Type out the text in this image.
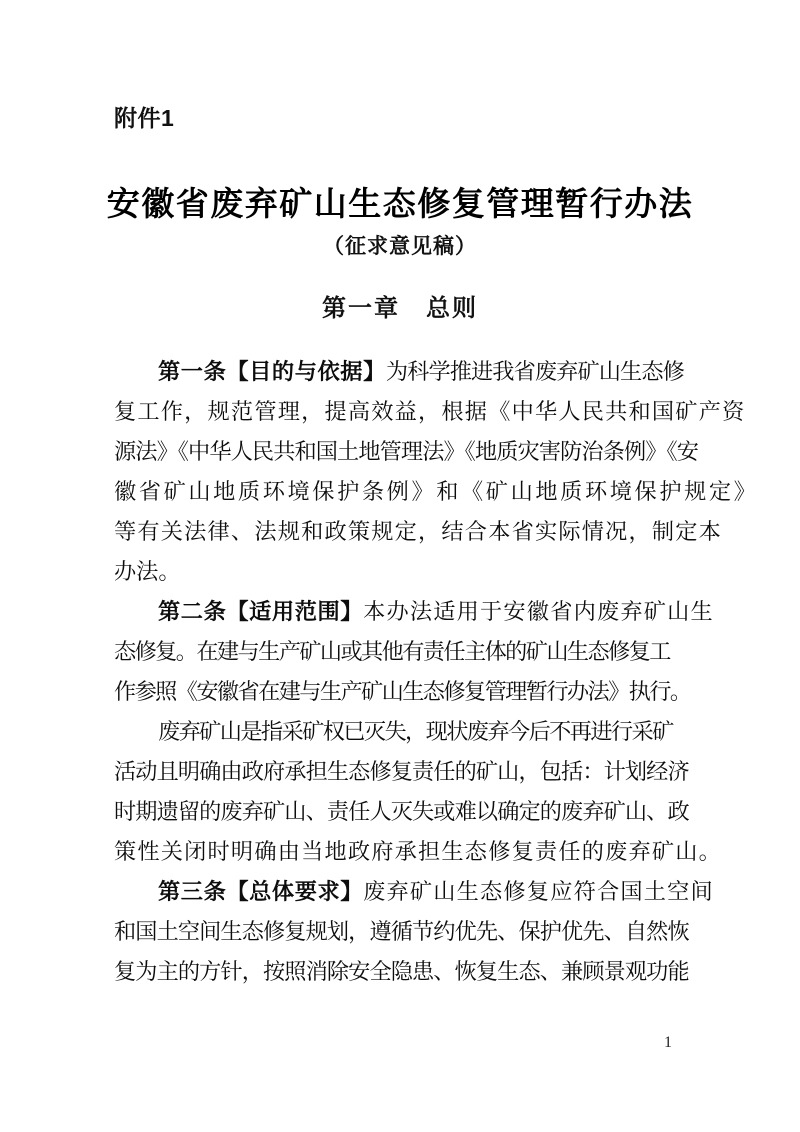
附件1
安徽省废弃矿山生态修复管理暂行办法
（征求意见稿）
第一章　总则
第一条【目的与依据】为科学推进我省废弃矿山生态修
复工作，规范管理，提高效益，根据《中华人民共和国矿产资
源法》《中华人民共和国土地管理法》《地质灾害防治条例》《安
徽省矿山地质环境保护条例》和《矿山地质环境保护规定》
等有关法律、法规和政策规定，结合本省实际情况，制定本
办法。
第二条【适用范围】本办法适用于安徽省内废弃矿山生
态修复。在建与生产矿山或其他有责任主体的矿山生态修复工
作参照《安徽省在建与生产矿山生态修复管理暂行办法》执行。
废弃矿山是指采矿权已灭失，现状废弃今后不再进行采矿
活动且明确由政府承担生态修复责任的矿山，包括：计划经济
时期遗留的废弃矿山、责任人灭失或难以确定的废弃矿山、政
策性关闭时明确由当地政府承担生态修复责任的废弃矿山。
第三条【总体要求】废弃矿山生态修复应符合国土空间
和国土空间生态修复规划，遵循节约优先、保护优先、自然恢
复为主的方针，按照消除安全隐患、恢复生态、兼顾景观功能
1
